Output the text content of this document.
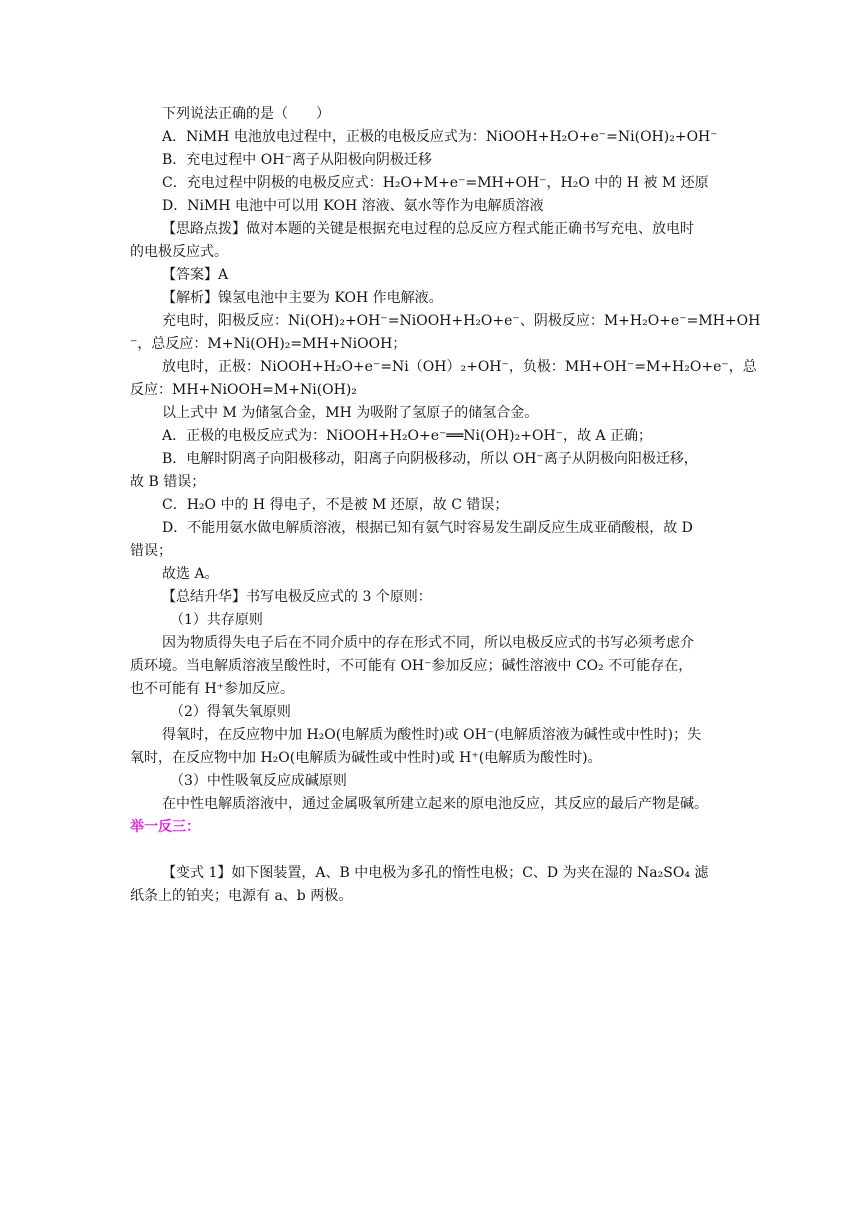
下列说法正确的是（　　）
A．NiMH 电池放电过程中，正极的电极反应式为：NiOOH+H₂O+e⁻=Ni(OH)₂+OH⁻
B．充电过程中 OH⁻离子从阳极向阴极迁移
C．充电过程中阴极的电极反应式：H₂O+M+e⁻=MH+OH⁻，H₂O 中的 H 被 M 还原
D．NiMH 电池中可以用 KOH 溶液、氨水等作为电解质溶液
【思路点拨】做对本题的关键是根据充电过程的总反应方程式能正确书写充电、放电时
的电极反应式。
【答案】A
【解析】镍氢电池中主要为 KOH 作电解液。
充电时，阳极反应：Ni(OH)₂+OH⁻=NiOOH+H₂O+e⁻、阴极反应：M+H₂O+e⁻=MH+OH
⁻，总反应：M+Ni(OH)₂=MH+NiOOH；
放电时，正极：NiOOH+H₂O+e⁻=Ni（OH）₂+OH⁻，负极：MH+OH⁻=M+H₂O+e⁻，总
反应：MH+NiOOH=M+Ni(OH)₂
以上式中 M 为储氢合金，MH 为吸附了氢原子的储氢合金。
A．正极的电极反应式为：NiOOH+H₂O+e⁻══Ni(OH)₂+OH⁻，故 A 正确；
B．电解时阴离子向阳极移动，阳离子向阴极移动，所以 OH⁻离子从阴极向阳极迁移，
故 B 错误；
C．H₂O 中的 H 得电子，不是被 M 还原，故 C 错误；
D．不能用氨水做电解质溶液，根据已知有氨气时容易发生副反应生成亚硝酸根，故 D
错误；
故选 A。
【总结升华】书写电极反应式的 3 个原则：
（1）共存原则
因为物质得失电子后在不同介质中的存在形式不同，所以电极反应式的书写必须考虑介
质环境。当电解质溶液呈酸性时，不可能有 OH⁻参加反应；碱性溶液中 CO₂ 不可能存在，
也不可能有 H⁺参加反应。
（2）得氧失氧原则
得氧时，在反应物中加 H₂O(电解质为酸性时)或 OH⁻(电解质溶液为碱性或中性时)；失
氧时，在反应物中加 H₂O(电解质为碱性或中性时)或 H⁺(电解质为酸性时)。
（3）中性吸氧反应成碱原则
在中性电解质溶液中，通过金属吸氧所建立起来的原电池反应，其反应的最后产物是碱。
举一反三：
【变式 1】如下图装置，A、B 中电极为多孔的惰性电极；C、D 为夹在湿的 Na₂SO₄ 滤
纸条上的铂夹；电源有 a、b 两极。
